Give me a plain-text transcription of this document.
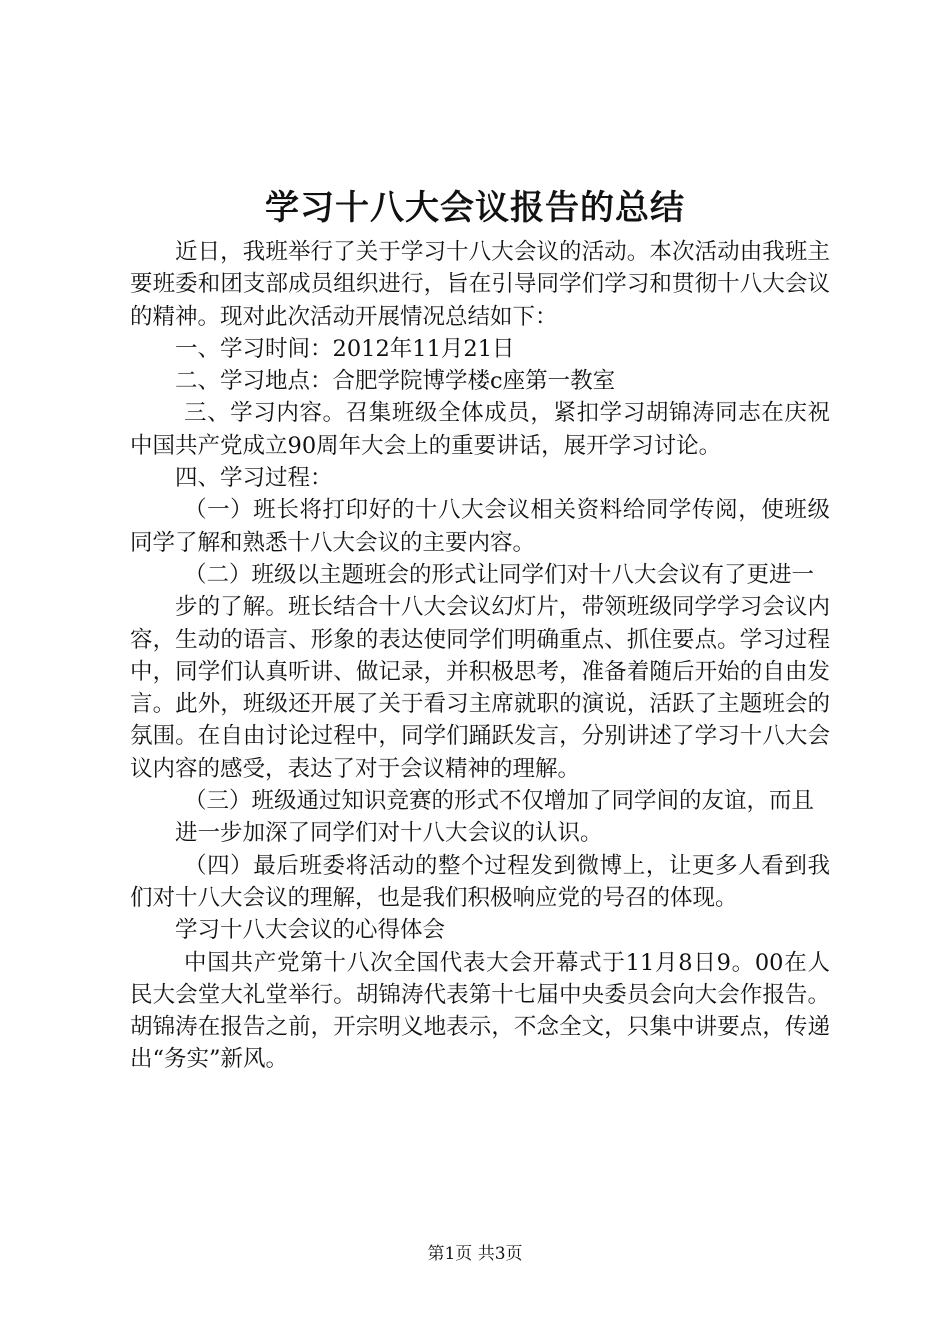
学习十八大会议报告的总结

近日，我班举行了关于学习十八大会议的活动。本次活动由我班主要班委和团支部成员组织进行，旨在引导同学们学习和贯彻十八大会议的精神。现对此次活动开展情况总结如下：

一、学习时间：2012年11月21日

二、学习地点：合肥学院博学楼c座第一教室

三、学习内容。召集班级全体成员，紧扣学习胡锦涛同志在庆祝中国共产党成立90周年大会上的重要讲话，展开学习讨论。

四、学习过程：

（一）班长将打印好的十八大会议相关资料给同学传阅，使班级同学了解和熟悉十八大会议的主要内容。

（二）班级以主题班会的形式让同学们对十八大会议有了更进一

步的了解。班长结合十八大会议幻灯片，带领班级同学学习会议内容，生动的语言、形象的表达使同学们明确重点、抓住要点。学习过程中，同学们认真听讲、做记录，并积极思考，准备着随后开始的自由发言。此外，班级还开展了关于看习主席就职的演说，活跃了主题班会的氛围。在自由讨论过程中，同学们踊跃发言，分别讲述了学习十八大会议内容的感受，表达了对于会议精神的理解。

（三）班级通过知识竞赛的形式不仅增加了同学间的友谊，而且

进一步加深了同学们对十八大会议的认识。

（四）最后班委将活动的整个过程发到微博上，让更多人看到我们对十八大会议的理解，也是我们积极响应党的号召的体现。

学习十八大会议的心得体会

中国共产党第十八次全国代表大会开幕式于11月8日9。00在人民大会堂大礼堂举行。胡锦涛代表第十七届中央委员会向大会作报告。胡锦涛在报告之前，开宗明义地表示，不念全文，只集中讲要点，传递出“务实”新风。

第1页 共3页
